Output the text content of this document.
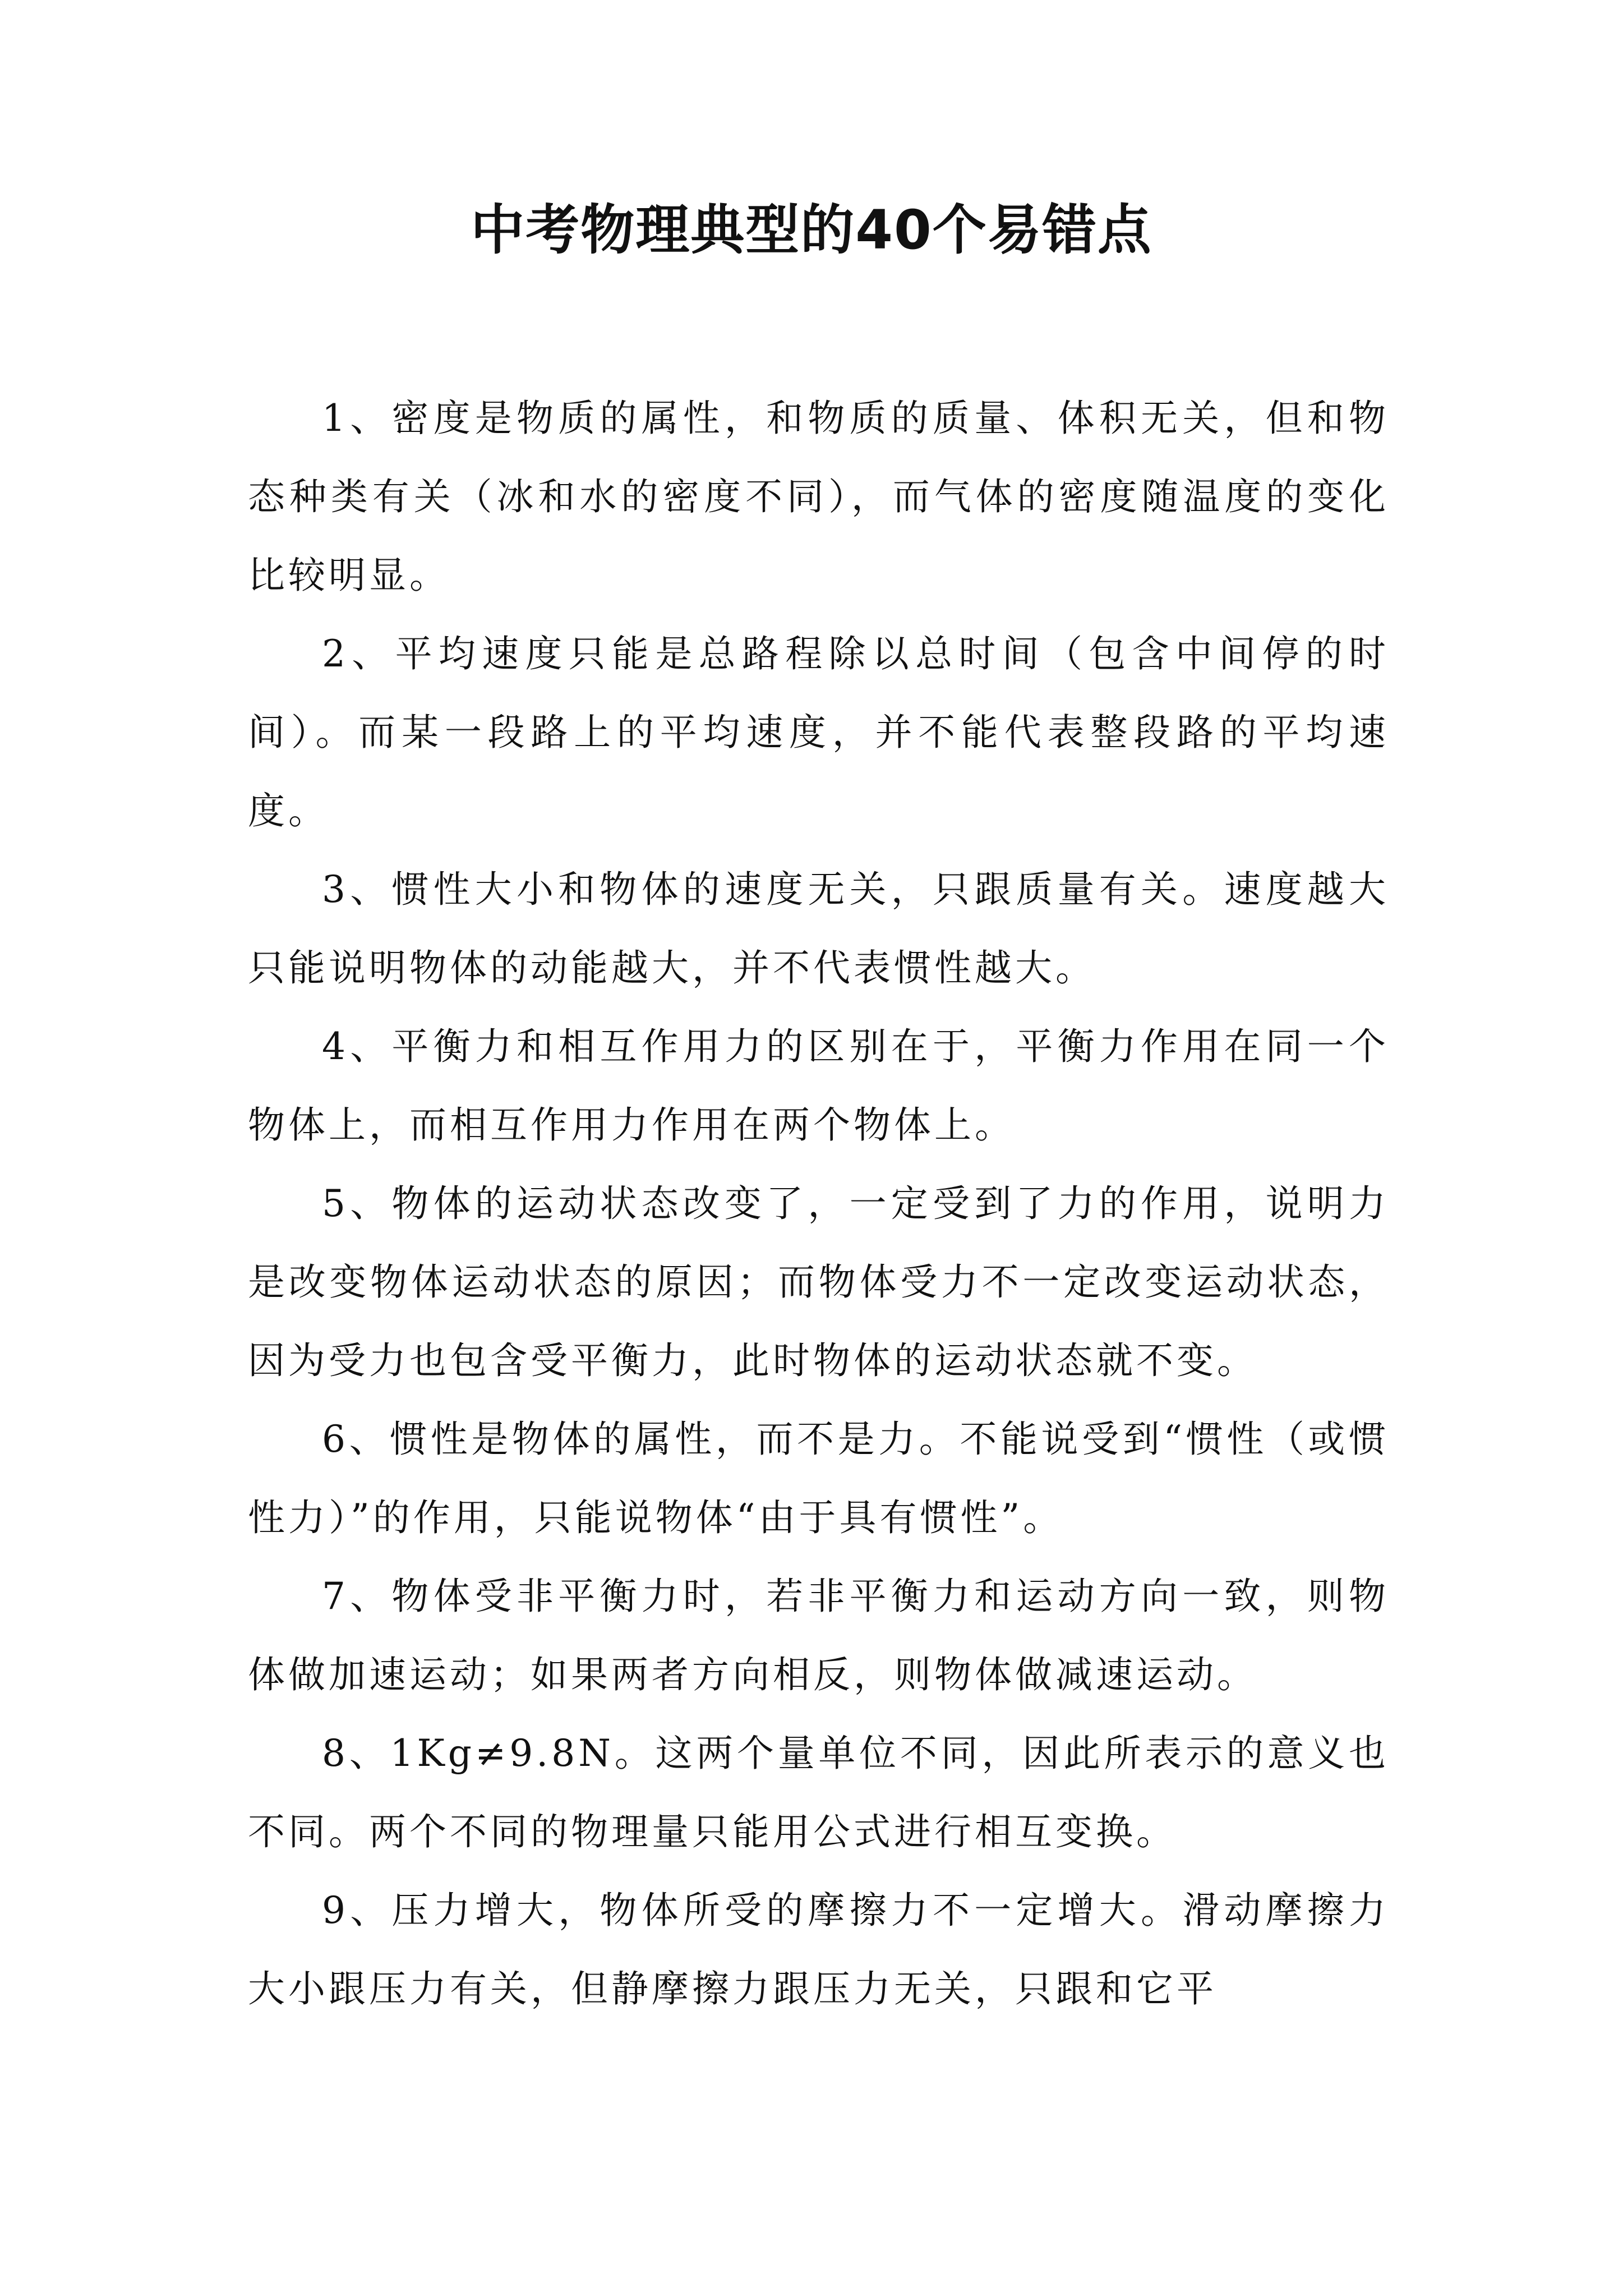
中考物理典型的40个易错点

1、密度是物质的属性，和物质的质量、体积无关，但和物态种类有关（冰和水的密度不同），而气体的密度随温度的变化比较明显。

2、平均速度只能是总路程除以总时间（包含中间停的时间）。而某一段路上的平均速度，并不能代表整段路的平均速度。

3、惯性大小和物体的速度无关，只跟质量有关。速度越大只能说明物体的动能越大，并不代表惯性越大。

4、平衡力和相互作用力的区别在于，平衡力作用在同一个物体上，而相互作用力作用在两个物体上。

5、物体的运动状态改变了，一定受到了力的作用，说明力是改变物体运动状态的原因；而物体受力不一定改变运动状态，因为受力也包含受平衡力，此时物体的运动状态就不变。

6、惯性是物体的属性，而不是力。不能说受到“惯性（或惯性力）”的作用，只能说物体“由于具有惯性”。

7、物体受非平衡力时，若非平衡力和运动方向一致，则物体做加速运动；如果两者方向相反，则物体做减速运动。

8、1Kg≠9.8N。这两个量单位不同，因此所表示的意义也不同。两个不同的物理量只能用公式进行相互变换。

9、压力增大，物体所受的摩擦力不一定增大。滑动摩擦力大小跟压力有关，但静摩擦力跟压力无关，只跟和它平
